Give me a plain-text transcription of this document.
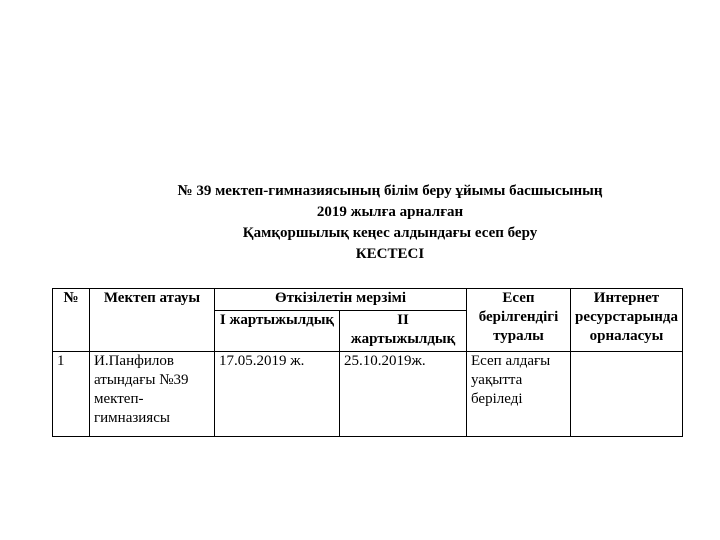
№ 39 мектеп-гимназиясының білім беру ұйымы басшысының
2019 жылға арналған
Қамқоршылық кеңес алдындағы есеп беру
КЕСТЕСІ
№	Мектеп атауы	Өткізілетін мерзімі		Есеп берілгендігі туралы	Интернет ресурстарында орналасуы
		І жартыжылдық	ІІ жартыжылдық		
1	И.Панфилов атындағы №39 мектеп-гимназиясы	17.05.2019 ж.	25.10.2019ж.	Есеп алдағы уақытта беріледі	
